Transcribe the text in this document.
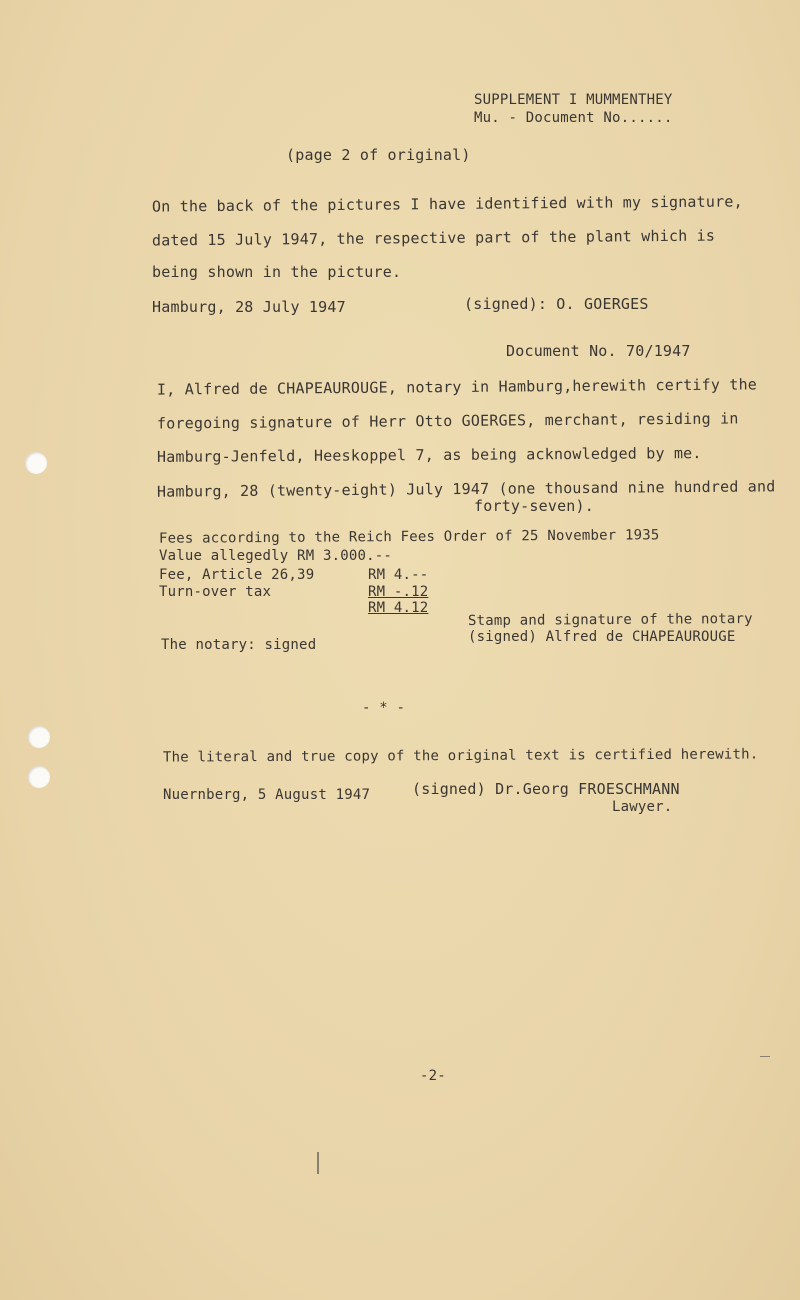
SUPPLEMENT I MUMMENTHEY
Mu. - Document No......
(page 2 of original)
On the back of the pictures I have identified with my signature,
dated 15 July 1947, the respective part of the plant which is
being shown in the picture.
Hamburg, 28 July 1947	(signed): O. GOERGES
Document No. 70/1947
I, Alfred de CHAPEAUROUGE, notary in Hamburg,herewith certify the
foregoing signature of Herr Otto GOERGES, merchant, residing in
Hamburg-Jenfeld, Heeskoppel 7, as being acknowledged by me.
Hamburg, 28 (twenty-eight) July 1947 (one thousand nine hundred and
forty-seven).
Fees according to the Reich Fees Order of 25 November 1935
Value allegedly RM 3.000.--
Fee, Article 26,39	RM 4.--
Turn-over tax	RM -.12
RM 4.12
Stamp and signature of the notary
(signed) Alfred de CHAPEAUROUGE
The notary: signed
- * -
The literal and true copy of the original text is certified herewith.
Nuernberg, 5 August 1947	(signed) Dr.Georg FROESCHMANN
Lawyer.
-2-
